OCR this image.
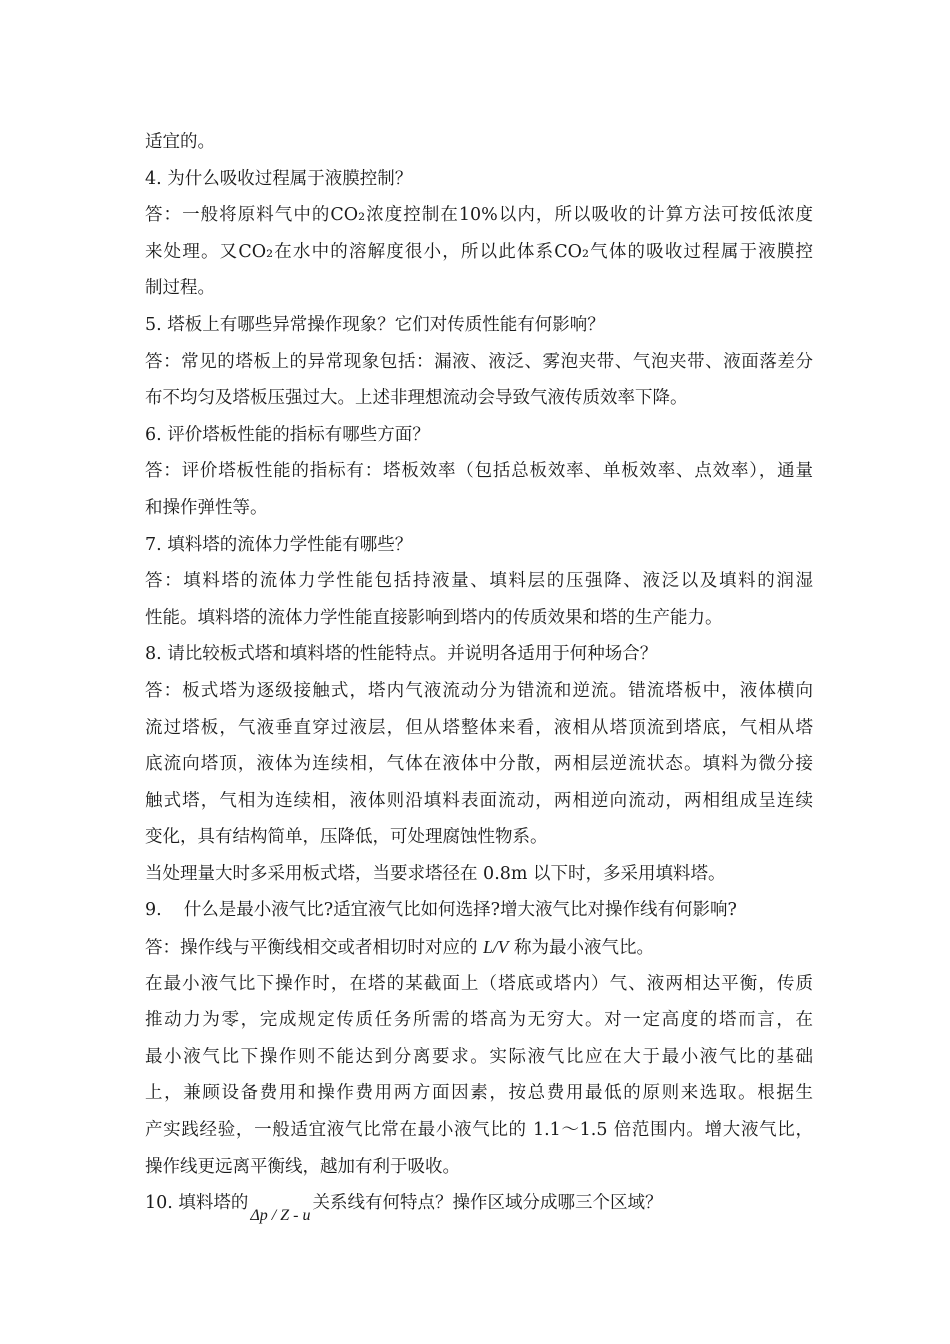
适宜的。
4. 为什么吸收过程属于液膜控制？
答：一般将原料气中的CO₂浓度控制在10%以内，所以吸收的计算方法可按低浓度
来处理。又CO₂在水中的溶解度很小，所以此体系CO₂气体的吸收过程属于液膜控
制过程。
5. 塔板上有哪些异常操作现象？它们对传质性能有何影响？
答：常见的塔板上的异常现象包括：漏液、液泛、雾泡夹带、气泡夹带、液面落差分
布不均匀及塔板压强过大。上述非理想流动会导致气液传质效率下降。
6. 评价塔板性能的指标有哪些方面？
答：评价塔板性能的指标有：塔板效率（包括总板效率、单板效率、点效率），通量
和操作弹性等。
7. 填料塔的流体力学性能有哪些？
答：填料塔的流体力学性能包括持液量、填料层的压强降、液泛以及填料的润湿
性能。填料塔的流体力学性能直接影响到塔内的传质效果和塔的生产能力。
8. 请比较板式塔和填料塔的性能特点。并说明各适用于何种场合？
答：板式塔为逐级接触式，塔内气液流动分为错流和逆流。错流塔板中，液体横向
流过塔板，气液垂直穿过液层，但从塔整体来看，液相从塔顶流到塔底，气相从塔
底流向塔顶，液体为连续相，气体在液体中分散，两相层逆流状态。填料为微分接
触式塔，气相为连续相，液体则沿填料表面流动，两相逆向流动，两相组成呈连续
变化，具有结构简单，压降低，可处理腐蚀性物系。
当处理量大时多采用板式塔，当要求塔径在 0.8m 以下时，多采用填料塔。
9. 什么是最小液气比?适宜液气比如何选择?增大液气比对操作线有何影响?
答：操作线与平衡线相交或者相切时对应的 L/V 称为最小液气比。
在最小液气比下操作时，在塔的某截面上（塔底或塔内）气、液两相达平衡，传质
推动力为零，完成规定传质任务所需的塔高为无穷大。对一定高度的塔而言，在
最小液气比下操作则不能达到分离要求。实际液气比应在大于最小液气比的基础
上，兼顾设备费用和操作费用两方面因素，按总费用最低的原则来选取。根据生
产实践经验，一般适宜液气比常在最小液气比的 1.1～1.5 倍范围内。增大液气比，
操作线更远离平衡线，越加有利于吸收。
10. 填料塔的Δp / Z - u关系线有何特点？操作区域分成哪三个区域？
